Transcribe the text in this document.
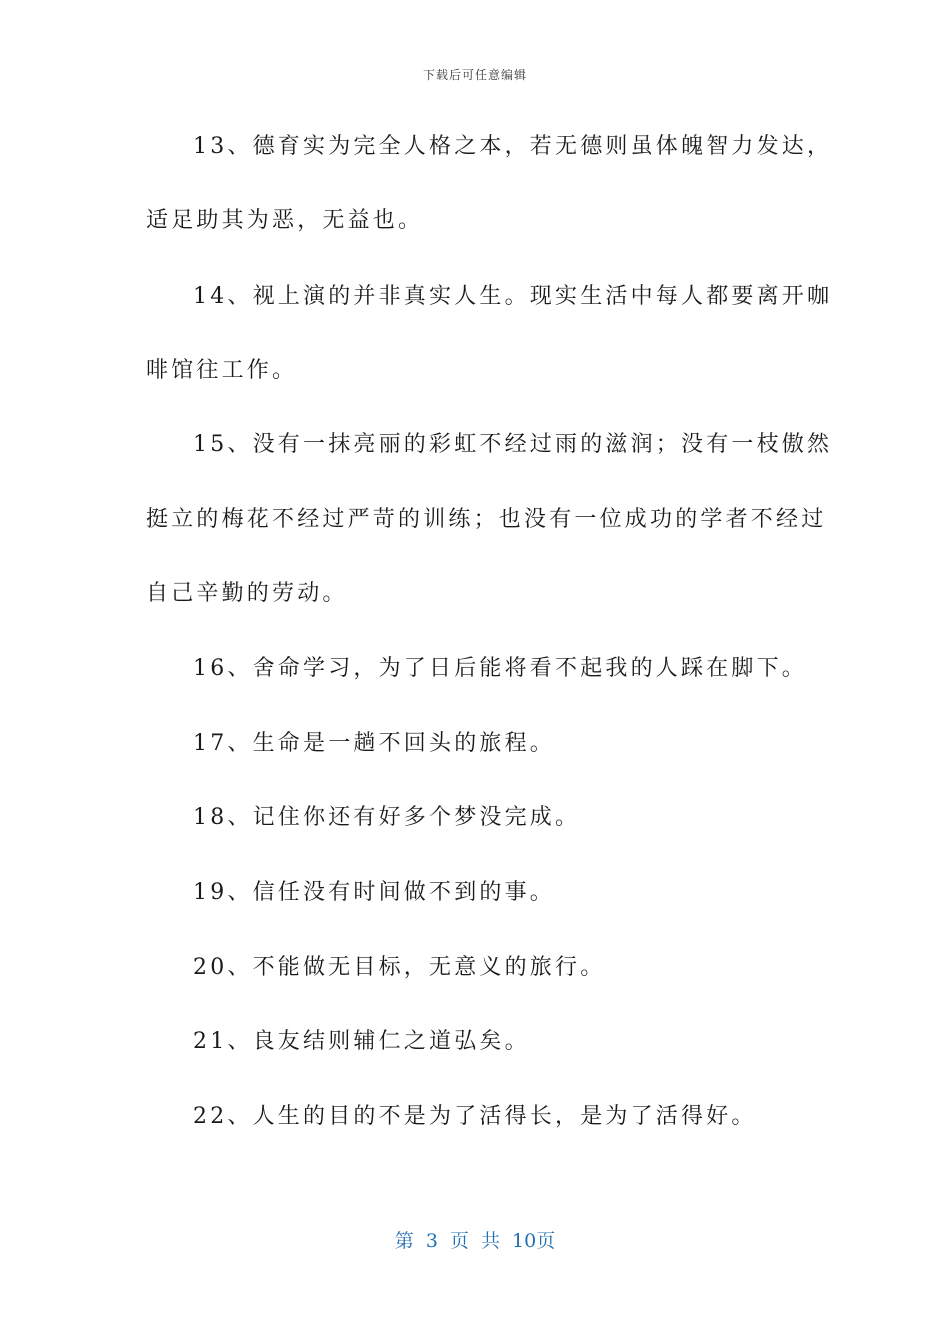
下载后可任意编辑
13、德育实为完全人格之本，若无德则虽体魄智力发达，
适足助其为恶，无益也。
14、视上演的并非真实人生。现实生活中每人都要离开咖
啡馆往工作。
15、没有一抹亮丽的彩虹不经过雨的滋润；没有一枝傲然
挺立的梅花不经过严苛的训练；也没有一位成功的学者不经过
自己辛勤的劳动。
16、舍命学习，为了日后能将看不起我的人踩在脚下。
17、生命是一趟不回头的旅程。
18、记住你还有好多个梦没完成。
19、信任没有时间做不到的事。
20、不能做无目标，无意义的旅行。
21、良友结则辅仁之道弘矣。
22、人生的目的不是为了活得长，是为了活得好。
第 3 页 共 10页
